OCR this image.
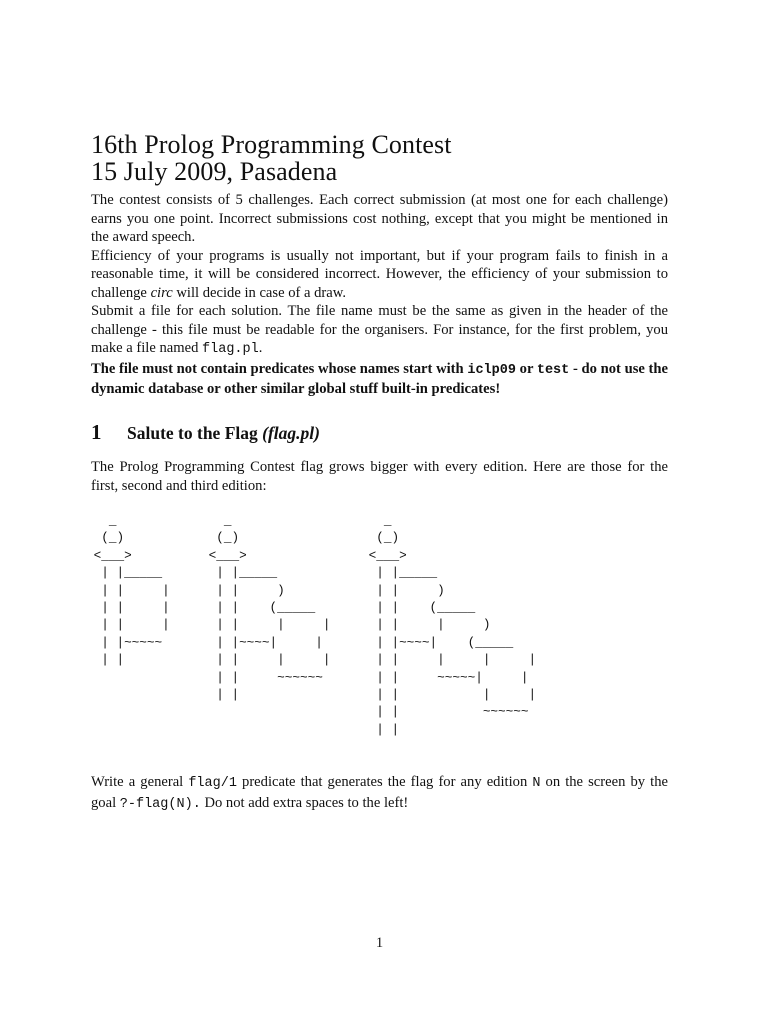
16th Prolog Programming Contest
15 July 2009, Pasadena

The contest consists of 5 challenges. Each correct submission (at most one for each challenge) earns you one point. Incorrect submissions cost nothing, except that you might be mentioned in the award speech.

Efficiency of your programs is usually not important, but if your program fails to finish in a reasonable time, it will be considered incorrect. However, the efficiency of your submission to challenge circ will decide in case of a draw.

Submit a file for each solution. The file name must be the same as given in the header of the challenge - this file must be readable for the organisers. For instance, for the first problem, you make a file named flag.pl.

The file must not contain predicates whose names start with iclp09 or test - do not use the dynamic database or other similar global stuff built-in predicates!

1 Salute to the Flag (flag.pl)
The Prolog Programming Contest flag grows bigger with every edition. Here are those for the first, second and third edition:
_
(_)
<___>
| |_____
| |     |
| |     |
| |     |
| |~~~~~
| |
_
(_)
<___>
| |_____
| |     )
| |    (_____
| |     |     |
| |~~~~|     |
| |     |     |
| |     ~~~~~~
| |
_
(_)
<___>
| |_____
| |     )
| |    (_____
| |     |     )
| |~~~~|    (_____
| |     |     |     |
| |     ~~~~~|     |
| |           |     |
| |           ~~~~~~
| |
Write a general flag/1 predicate that generates the flag for any edition N on the screen by the goal ?-flag(N). Do not add extra spaces to the left!
1
